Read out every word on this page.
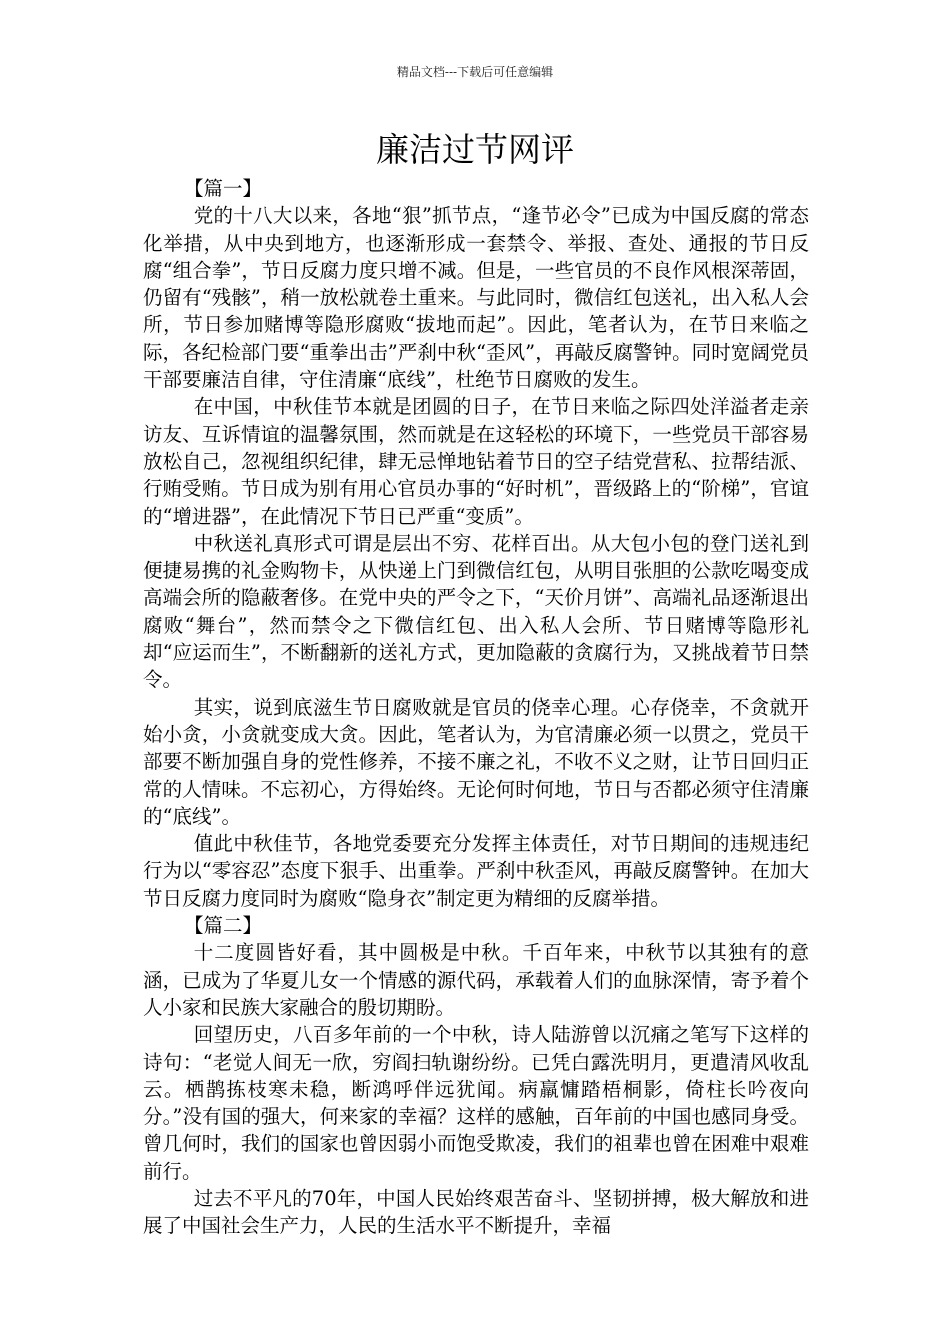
精品文档---下载后可任意编辑
廉洁过节网评

【篇一】

党的十八大以来，各地“狠”抓节点，“逢节必令”已成为中国反腐的常态化举措，从中央到地方，也逐渐形成一套禁令、举报、查处、通报的节日反腐“组合拳”，节日反腐力度只增不减。但是，一些官员的不良作风根深蒂固，仍留有“残骸”，稍一放松就卷土重来。与此同时，微信红包送礼，出入私人会所，节日参加赌博等隐形腐败“拔地而起”。因此，笔者认为，在节日来临之际，各纪检部门要“重拳出击”严刹中秋“歪风”，再敲反腐警钟。同时宽阔党员干部要廉洁自律，守住清廉“底线”，杜绝节日腐败的发生。

在中国，中秋佳节本就是团圆的日子，在节日来临之际四处洋溢者走亲访友、互诉情谊的温馨氛围，然而就是在这轻松的环境下，一些党员干部容易放松自己，忽视组织纪律，肆无忌惮地钻着节日的空子结党营私、拉帮结派、行贿受贿。节日成为别有用心官员办事的“好时机”，晋级路上的“阶梯”，官谊的“增进器”，在此情况下节日已严重“变质”。

中秋送礼真形式可谓是层出不穷、花样百出。从大包小包的登门送礼到便捷易携的礼金购物卡，从快递上门到微信红包，从明目张胆的公款吃喝变成高端会所的隐蔽奢侈。在党中央的严令之下，“天价月饼”、高端礼品逐渐退出腐败“舞台”，然而禁令之下微信红包、出入私人会所、节日赌博等隐形礼却“应运而生”，不断翻新的送礼方式，更加隐蔽的贪腐行为，又挑战着节日禁令。

其实，说到底滋生节日腐败就是官员的侥幸心理。心存侥幸，不贪就开始小贪，小贪就变成大贪。因此，笔者认为，为官清廉必须一以贯之，党员干部要不断加强自身的党性修养，不接不廉之礼，不收不义之财，让节日回归正常的人情味。不忘初心，方得始终。无论何时何地，节日与否都必须守住清廉的“底线”。

值此中秋佳节，各地党委要充分发挥主体责任，对节日期间的违规违纪行为以“零容忍”态度下狠手、出重拳。严刹中秋歪风，再敲反腐警钟。在加大节日反腐力度同时为腐败“隐身衣”制定更为精细的反腐举措。

【篇二】

十二度圆皆好看，其中圆极是中秋。千百年来，中秋节以其独有的意涵，已成为了华夏儿女一个情感的源代码，承载着人们的血脉深情，寄予着个人小家和民族大家融合的殷切期盼。

回望历史，八百多年前的一个中秋，诗人陆游曾以沉痛之笔写下这样的诗句：“老觉人间无一欣，穷阎扫轨谢纷纷。已凭白露洗明月，更遣清风收乱云。栖鹊拣枝寒未稳，断鸿呼伴远犹闻。病羸慵踏梧桐影，倚柱长吟夜向分。”没有国的强大，何来家的幸福？这样的感触，百年前的中国也感同身受。曾几何时，我们的国家也曾因弱小而饱受欺凌，我们的祖辈也曾在困难中艰难前行。

过去不平凡的70年，中国人民始终艰苦奋斗、坚韧拼搏，极大解放和进展了中国社会生产力，人民的生活水平不断提升，幸福
